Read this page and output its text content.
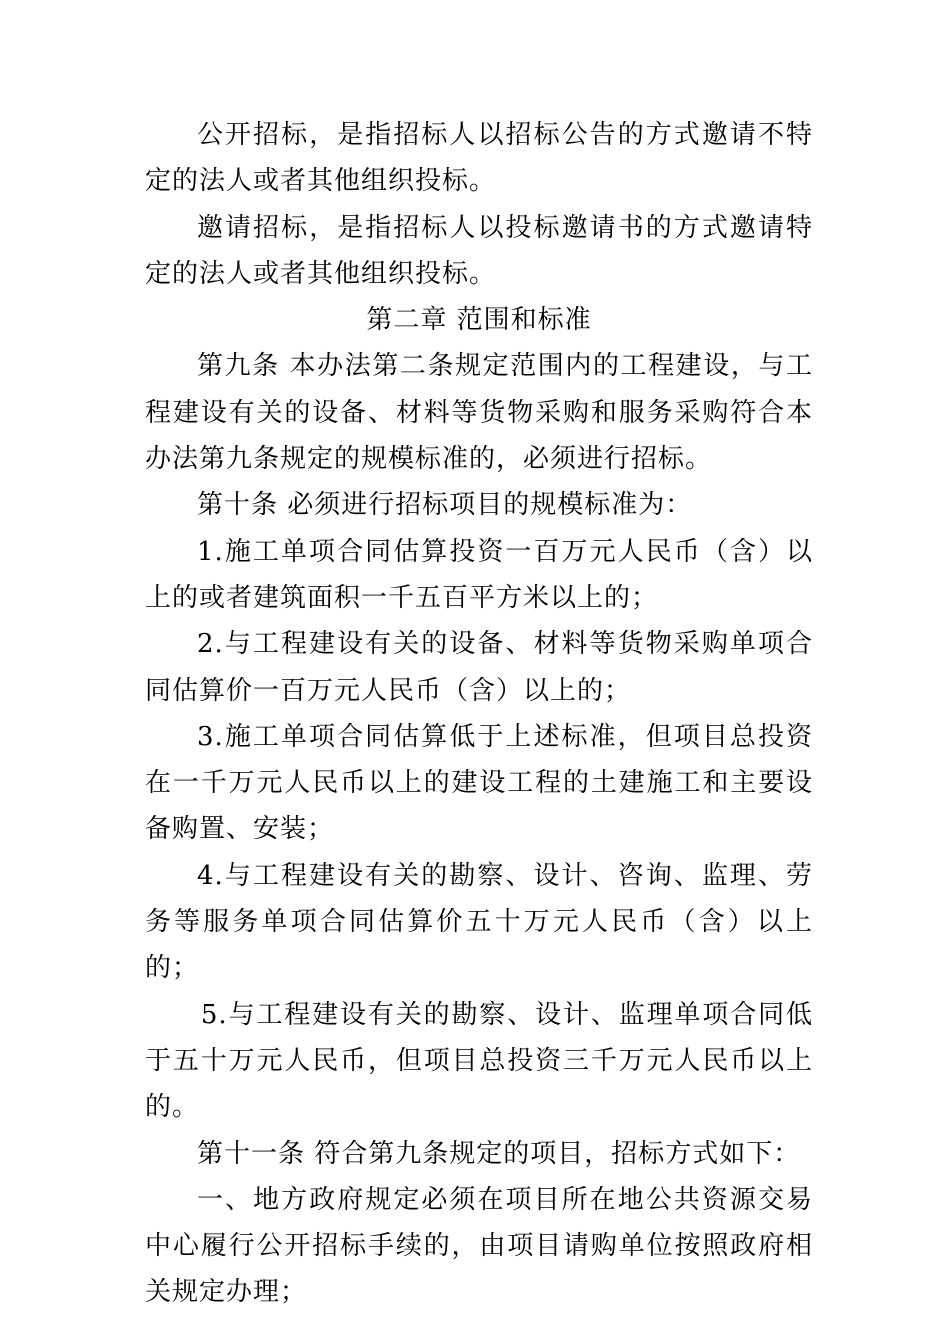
公开招标，是指招标人以招标公告的方式邀请不特定的法人或者其他组织投标。

邀请招标，是指招标人以投标邀请书的方式邀请特定的法人或者其他组织投标。

第二章 范围和标准

第九条 本办法第二条规定范围内的工程建设，与工程建设有关的设备、材料等货物采购和服务采购符合本办法第九条规定的规模标准的，必须进行招标。

第十条 必须进行招标项目的规模标准为：

1.施工单项合同估算投资一百万元人民币（含）以上的或者建筑面积一千五百平方米以上的；

2.与工程建设有关的设备、材料等货物采购单项合同估算价一百万元人民币（含）以上的；

3.施工单项合同估算低于上述标准，但项目总投资在一千万元人民币以上的建设工程的土建施工和主要设备购置、安装；

4.与工程建设有关的勘察、设计、咨询、监理、劳务等服务单项合同估算价五十万元人民币（含）以上的；

5.与工程建设有关的勘察、设计、监理单项合同低于五十万元人民币，但项目总投资三千万元人民币以上的。

第十一条 符合第九条规定的项目，招标方式如下：

一、地方政府规定必须在项目所在地公共资源交易中心履行公开招标手续的，由项目请购单位按照政府相关规定办理；
